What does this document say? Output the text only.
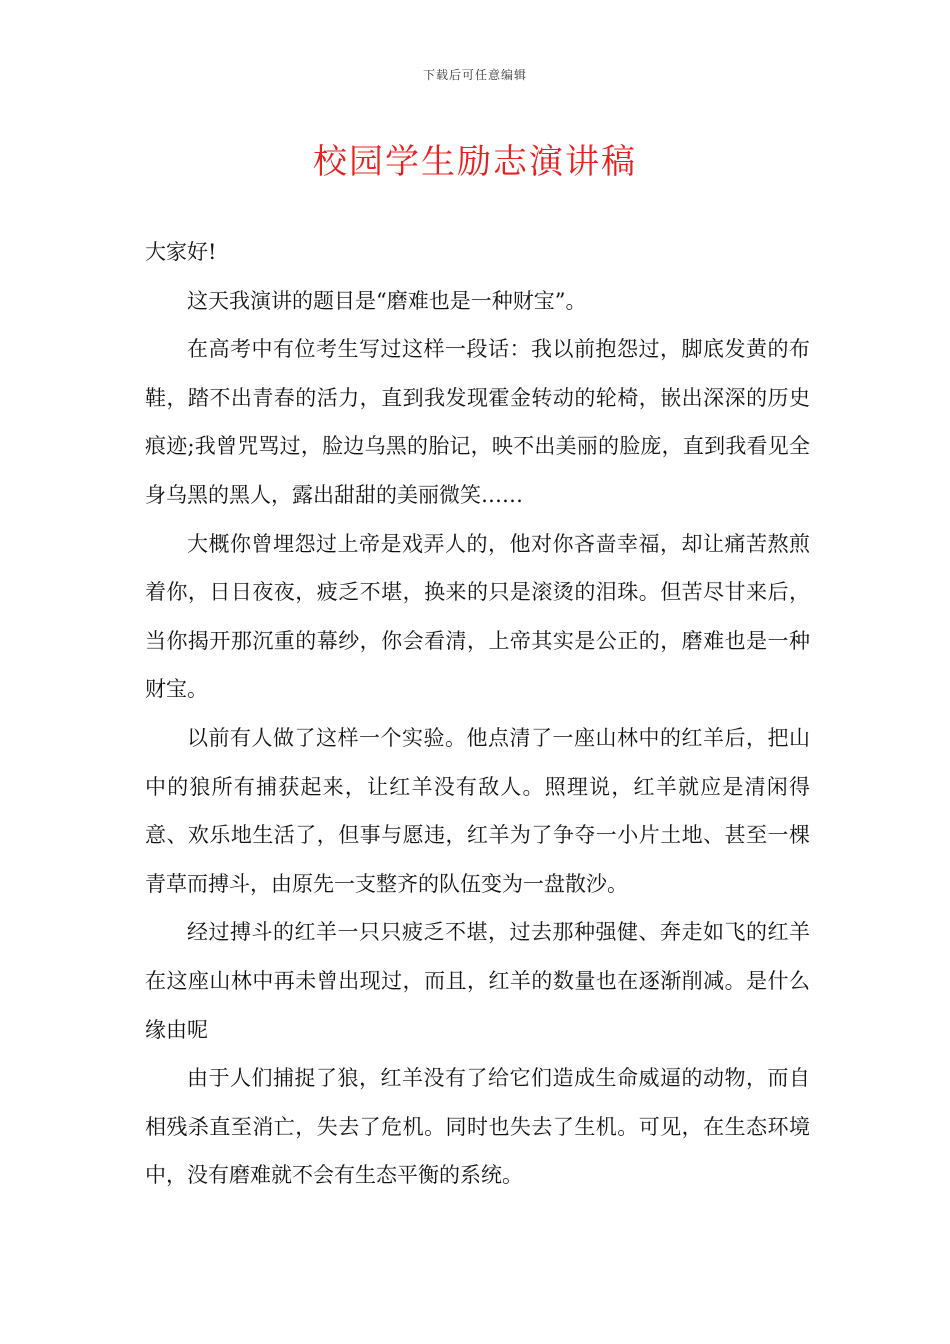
下载后可任意编辑
校园学生励志演讲稿

大家好!

这天我演讲的题目是“磨难也是一种财宝”。

在高考中有位考生写过这样一段话：我以前抱怨过，脚底发黄的布鞋，踏不出青春的活力，直到我发现霍金转动的轮椅，嵌出深深的历史痕迹;我曾咒骂过，脸边乌黑的胎记，映不出美丽的脸庞，直到我看见全身乌黑的黑人，露出甜甜的美丽微笑……

大概你曾埋怨过上帝是戏弄人的，他对你吝啬幸福，却让痛苦熬煎着你，日日夜夜，疲乏不堪，换来的只是滚烫的泪珠。但苦尽甘来后，当你揭开那沉重的幕纱，你会看清，上帝其实是公正的，磨难也是一种财宝。

以前有人做了这样一个实验。他点清了一座山林中的红羊后，把山中的狼所有捕获起来，让红羊没有敌人。照理说，红羊就应是清闲得意、欢乐地生活了，但事与愿违，红羊为了争夺一小片土地、甚至一棵青草而搏斗，由原先一支整齐的队伍变为一盘散沙。

经过搏斗的红羊一只只疲乏不堪，过去那种强健、奔走如飞的红羊在这座山林中再未曾出现过，而且，红羊的数量也在逐渐削减。是什么缘由呢

由于人们捕捉了狼，红羊没有了给它们造成生命威逼的动物，而自相残杀直至消亡，失去了危机。同时也失去了生机。可见，在生态环境中，没有磨难就不会有生态平衡的系统。
